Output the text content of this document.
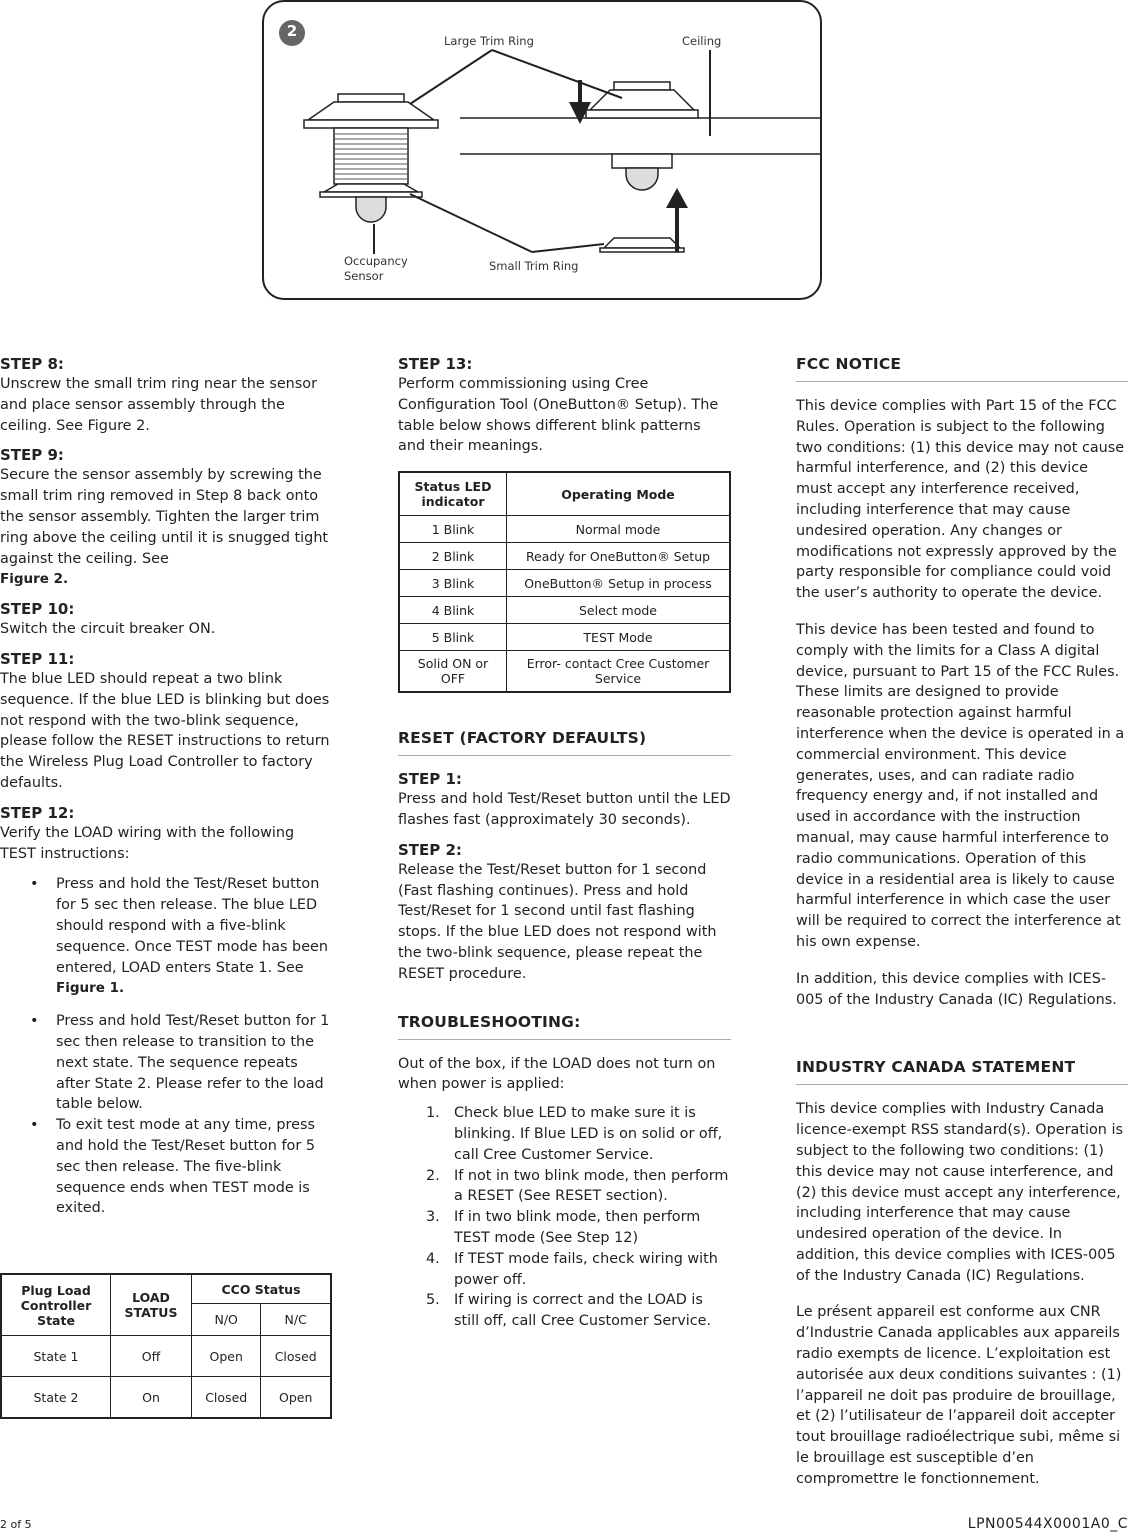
2
Large Trim Ring	Ceiling
Occupancy
Sensor
Small Trim Ring
STEP 8:

Unscrew the small trim ring near the sensor and place sensor assembly through the ceiling. See Figure 2.

STEP 9:

Secure the sensor assembly by screwing the small trim ring removed in Step 8 back onto the sensor assembly. Tighten the larger trim ring above the ceiling until it is snugged tight against the ceiling. See

Figure 2.

STEP 10:

Switch the circuit breaker ON.

STEP 11:

The blue LED should repeat a two blink sequence. If the blue LED is blinking but does not respond with the two-blink sequence, please follow the RESET instructions to return the Wireless Plug Load Controller to factory defaults.

STEP 12:

Verify the LOAD wiring with the following TEST instructions:

• Press and hold the Test/Reset button for 5 sec then release. The blue LED should respond with a five-blink sequence. Once TEST mode has been entered, LOAD enters State 1. See Figure 1.
• Press and hold Test/Reset button for 1 sec then release to transition to the next state. The sequence repeats after State 2. Please refer to the load table below.
• To exit test mode at any time, press and hold the Test/Reset button for 5 sec then release. The five-blink sequence ends when TEST mode is exited.
Plug Load Controller State	LOAD STATUS	CCO Status	
		N/O	N/C
State 1	Off	Open	Closed
State 2	On	Closed	Open
STEP 13:

Perform commissioning using Cree Configuration Tool (OneButton® Setup). The table below shows different blink patterns and their meanings.

Status LED indicator	Operating Mode
1 Blink	Normal mode
2 Blink	Ready for OneButton® Setup
3 Blink	OneButton® Setup in process
4 Blink	Select mode
5 Blink	TEST Mode
Solid ON or OFF	Error- contact Cree Customer Service
RESET (FACTORY DEFAULTS)
STEP 1:

Press and hold Test/Reset button until the LED flashes fast (approximately 30 seconds).

STEP 2:

Release the Test/Reset button for 1 second (Fast flashing continues). Press and hold Test/Reset for 1 second until fast flashing stops. If the blue LED does not respond with the two-blink sequence, please repeat the RESET procedure.

TROUBLESHOOTING:

Out of the box, if the LOAD does not turn on when power is applied:

1. Check blue LED to make sure it is blinking. If Blue LED is on solid or off, call Cree Customer Service.
2. If not in two blink mode, then perform a RESET (See RESET section).
3. If in two blink mode, then perform TEST mode (See Step 12)
4. If TEST mode fails, check wiring with power off.
5. If wiring is correct and the LOAD is still off, call Cree Customer Service.
FCC NOTICE

This device complies with Part 15 of the FCC Rules. Operation is subject to the following two conditions: (1) this device may not cause harmful interference, and (2) this device must accept any interference received, including interference that may cause undesired operation. Any changes or modifications not expressly approved by the party responsible for compliance could void the user’s authority to operate the device.

This device has been tested and found to comply with the limits for a Class A digital device, pursuant to Part 15 of the FCC Rules. These limits are designed to provide reasonable protection against harmful interference when the device is operated in a commercial environment. This device generates, uses, and can radiate radio frequency energy and, if not installed and used in accordance with the instruction manual, may cause harmful interference to radio communications. Operation of this device in a residential area is likely to cause harmful interference in which case the user will be required to correct the interference at his own expense.

In addition, this device complies with ICES-005 of the Industry Canada (IC) Regulations.

INDUSTRY CANADA STATEMENT

This device complies with Industry Canada licence-exempt RSS standard(s). Operation is subject to the following two conditions: (1) this device may not cause interference, and (2) this device must accept any interference, including interference that may cause undesired operation of the device. In addition, this device complies with ICES-005 of the Industry Canada (IC) Regulations.

Le présent appareil est conforme aux CNR d’Industrie Canada applicables aux appareils radio exempts de licence. L’exploitation est autorisée aux deux conditions suivantes : (1) l’appareil ne doit pas produire de brouillage, et (2) l’utilisateur de l’appareil doit accepter tout brouillage radioélectrique subi, même si le brouillage est susceptible d’en compromettre le fonctionnement.

2 of 5	LPN00544X0001A0_C
